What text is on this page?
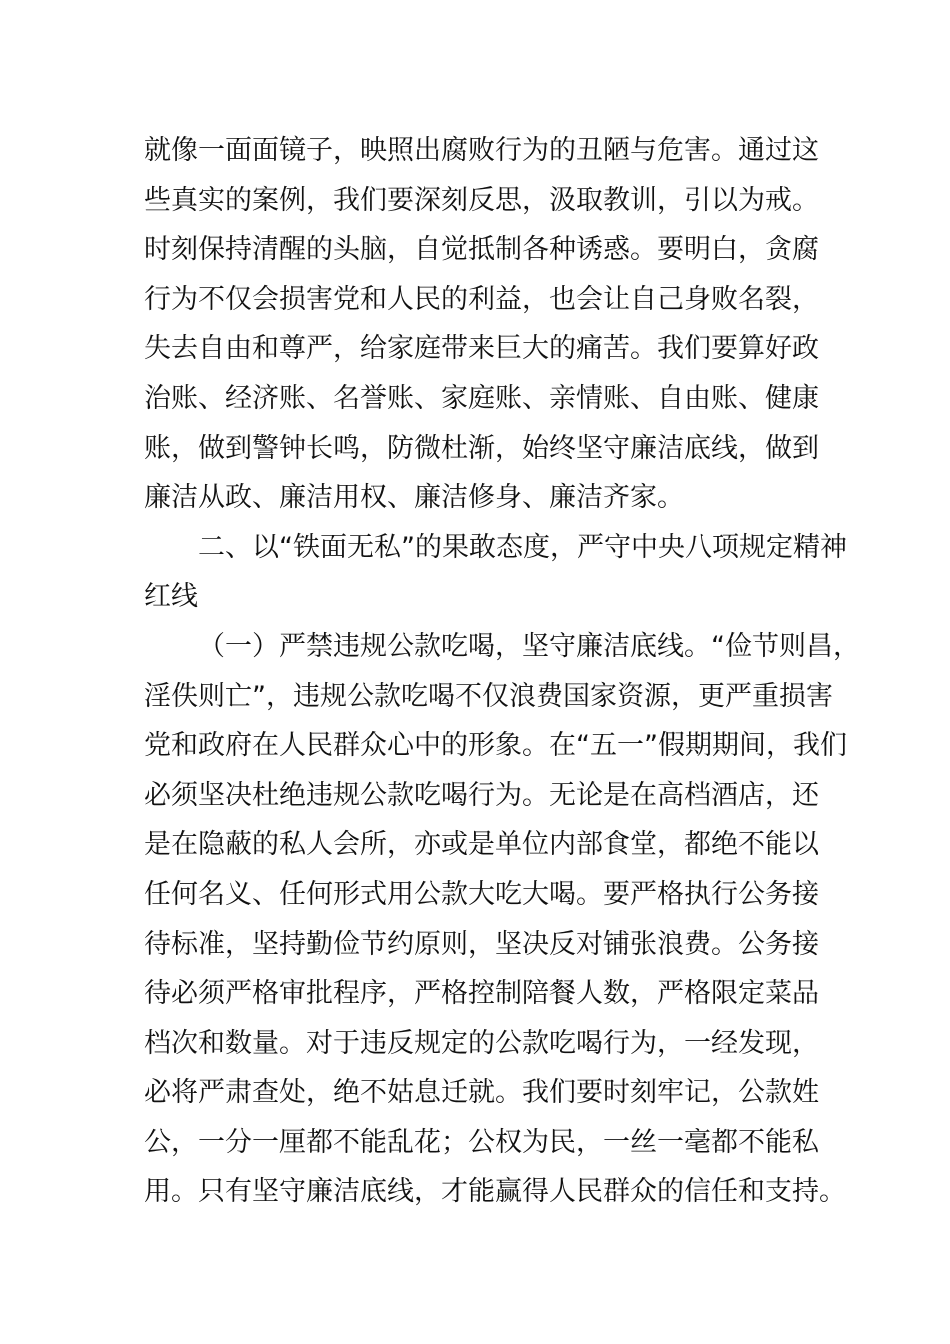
就像一面面镜子，映照出腐败行为的丑陋与危害。通过这
些真实的案例，我们要深刻反思，汲取教训，引以为戒。
时刻保持清醒的头脑，自觉抵制各种诱惑。要明白，贪腐
行为不仅会损害党和人民的利益，也会让自己身败名裂，
失去自由和尊严，给家庭带来巨大的痛苦。我们要算好政
治账、经济账、名誉账、家庭账、亲情账、自由账、健康
账，做到警钟长鸣，防微杜渐，始终坚守廉洁底线，做到
廉洁从政、廉洁用权、廉洁修身、廉洁齐家。
二、以“铁面无私”的果敢态度，严守中央八项规定精神
红线
（一）严禁违规公款吃喝，坚守廉洁底线。“俭节则昌，
淫佚则亡”，违规公款吃喝不仅浪费国家资源，更严重损害
党和政府在人民群众心中的形象。在“五一”假期期间，我们
必须坚决杜绝违规公款吃喝行为。无论是在高档酒店，还
是在隐蔽的私人会所，亦或是单位内部食堂，都绝不能以
任何名义、任何形式用公款大吃大喝。要严格执行公务接
待标准，坚持勤俭节约原则，坚决反对铺张浪费。公务接
待必须严格审批程序，严格控制陪餐人数，严格限定菜品
档次和数量。对于违反规定的公款吃喝行为，一经发现，
必将严肃查处，绝不姑息迁就。我们要时刻牢记，公款姓
公，一分一厘都不能乱花；公权为民，一丝一毫都不能私
用。只有坚守廉洁底线，才能赢得人民群众的信任和支持。
